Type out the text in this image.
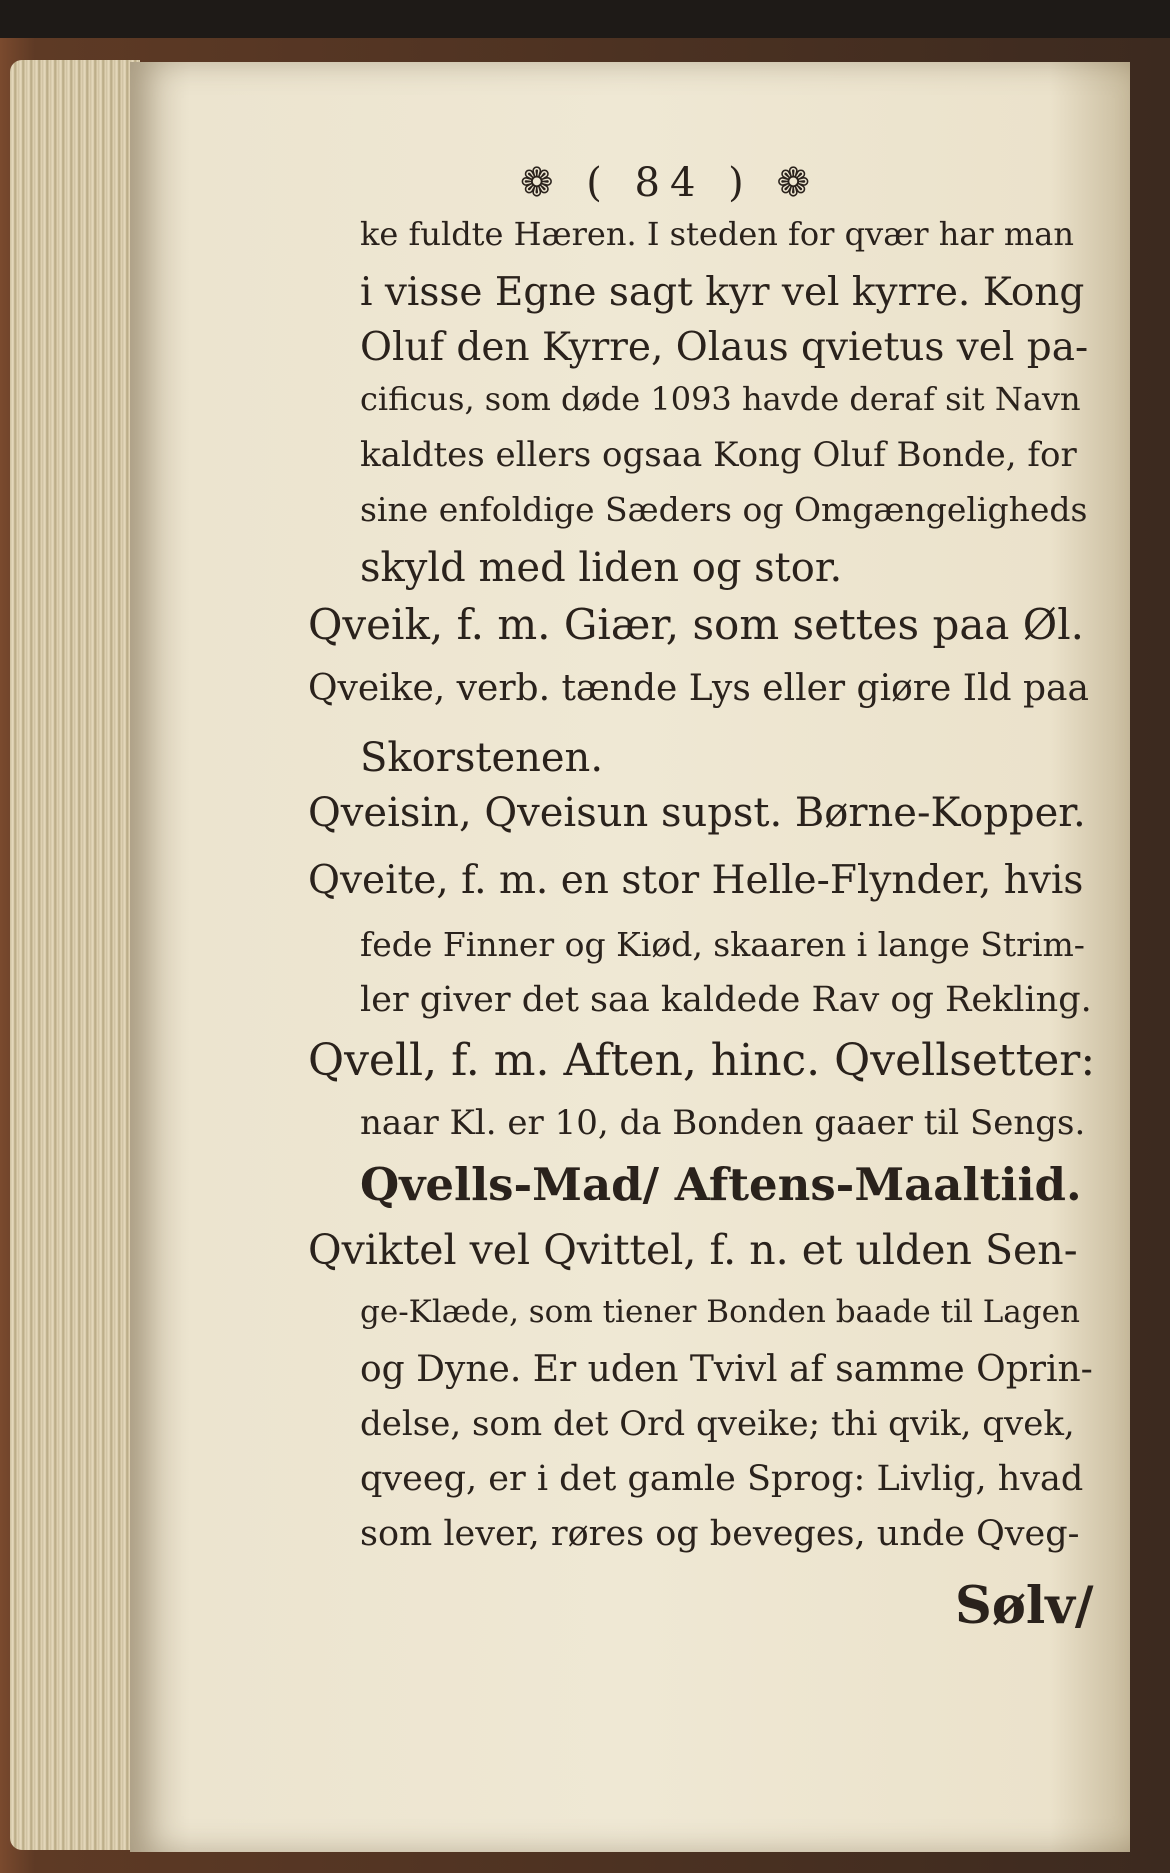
❁ ( 84 ) ❁
ke fuldte Hæren. I steden for qvær har man
i visse Egne sagt kyr vel kyrre. Kong
Oluf den Kyrre, Olaus qvietus vel pa-
cificus, som døde 1093 havde deraf sit Navn
kaldtes ellers ogsaa Kong Oluf Bonde, for
sine enfoldige Sæders og Omgængeligheds
skyld med liden og stor.
Qveik, f. m. Giær, som settes paa Øl.
Qveike, verb. tænde Lys eller giøre Ild paa
Skorstenen.
Qveisin, Qveisun supst. Børne-Kopper.
Qveite, f. m. en stor Helle-Flynder, hvis
fede Finner og Kiød, skaaren i lange Strim-
ler giver det saa kaldede Rav og Rekling.
Qvell, f. m. Aften, hinc. Qvellsetter:
naar Kl. er 10, da Bonden gaaer til Sengs.
Qvells-Mad/ Aftens-Maaltiid.
Qviktel vel Qvittel, f. n. et ulden Sen-
ge-Klæde, som tiener Bonden baade til Lagen
og Dyne. Er uden Tvivl af samme Oprin-
delse, som det Ord qveike; thi qvik, qvek,
qveeg, er i det gamle Sprog: Livlig, hvad
som lever, røres og beveges, unde Qveg-
Sølv/
